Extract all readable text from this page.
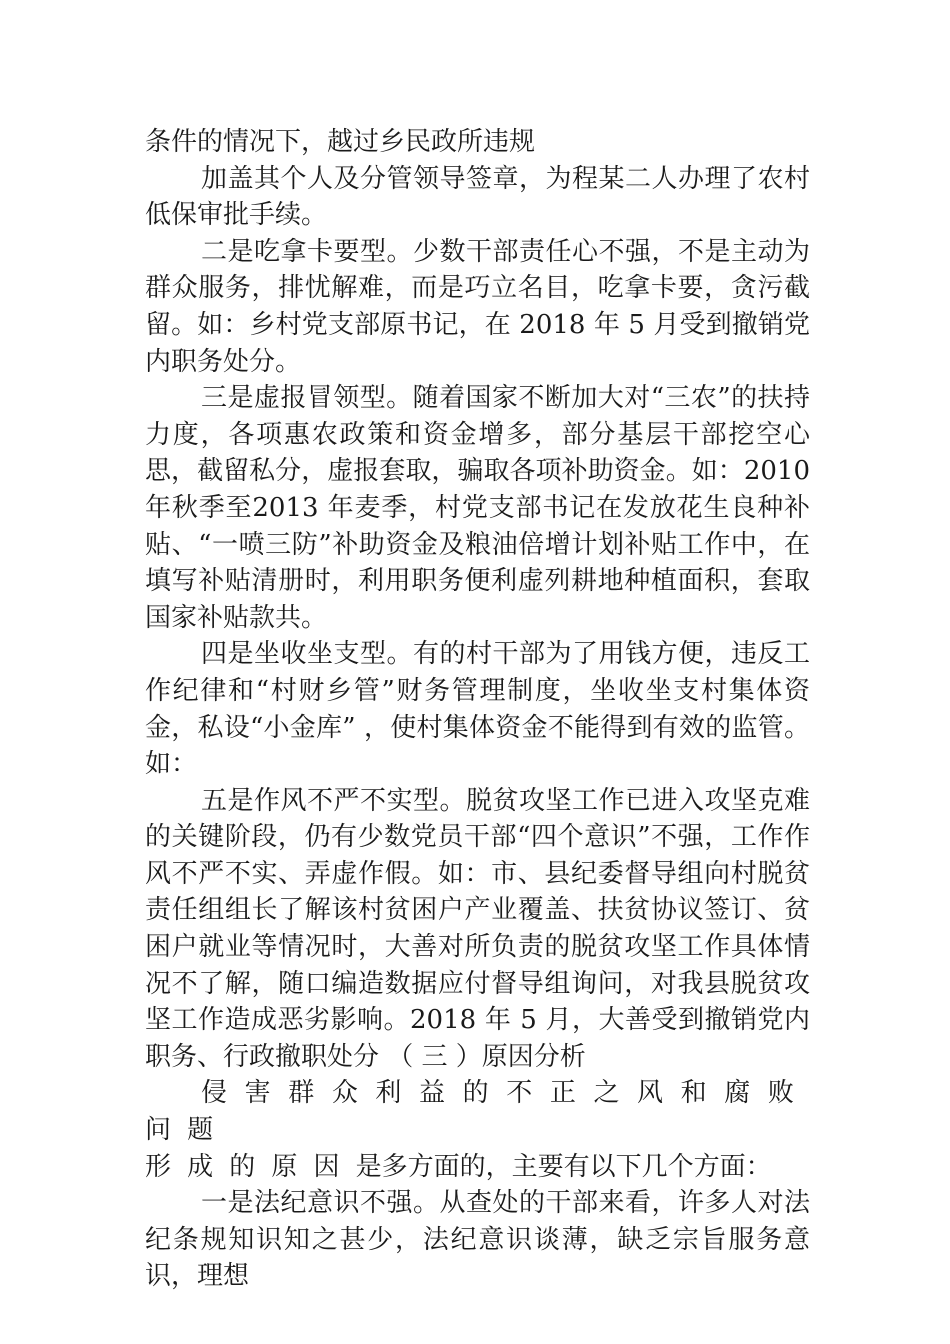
条件的情况下，越过乡民政所违规

加盖其个人及分管领导签章，为程某二人办理了农村低保审批手续。

二是吃拿卡要型。少数干部责任心不强，不是主动为群众服务，排忧解难，而是巧立名目，吃拿卡要，贪污截留。如：乡村党支部原书记，在 2018 年 5 月受到撤销党内职务处分。

三是虚报冒领型。随着国家不断加大对“三农”的扶持力度，各项惠农政策和资金增多，部分基层干部挖空心思，截留私分，虚报套取，骗取各项补助资金。如：2010 年秋季至2013 年麦季，村党支部书记在发放花生良种补贴、“一喷三防”补助资金及粮油倍增计划补贴工作中，在填写补贴清册时，利用职务便利虚列耕地种植面积，套取国家补贴款共。

四是坐收坐支型。有的村干部为了用钱方便，违反工作纪律和“村财乡管”财务管理制度，坐收坐支村集体资金，私设“小金库” ，使村集体资金不能得到有效的监管。如：

五是作风不严不实型。脱贫攻坚工作已进入攻坚克难的关键阶段，仍有少数党员干部“四个意识”不强，工作作风不严不实、弄虚作假。如：市、县纪委督导组向村脱贫责任组组长了解该村贫困户产业覆盖、扶贫协议签订、贫困户就业等情况时，大善对所负责的脱贫攻坚工作具体情况不了解，随口编造数据应付督导组询问，对我县脱贫攻坚工作造成恶劣影响。2018 年 5 月，大善受到撤销党内职务、行政撤职处分 （ 三 ）原因分析

侵害群众利益的不正之风和腐败问题
形成的原因是多方面的，主要有以下几个方面：

一是法纪意识不强。从查处的干部来看，许多人对法纪条规知识知之甚少，法纪意识谈薄，缺乏宗旨服务意识，理想
